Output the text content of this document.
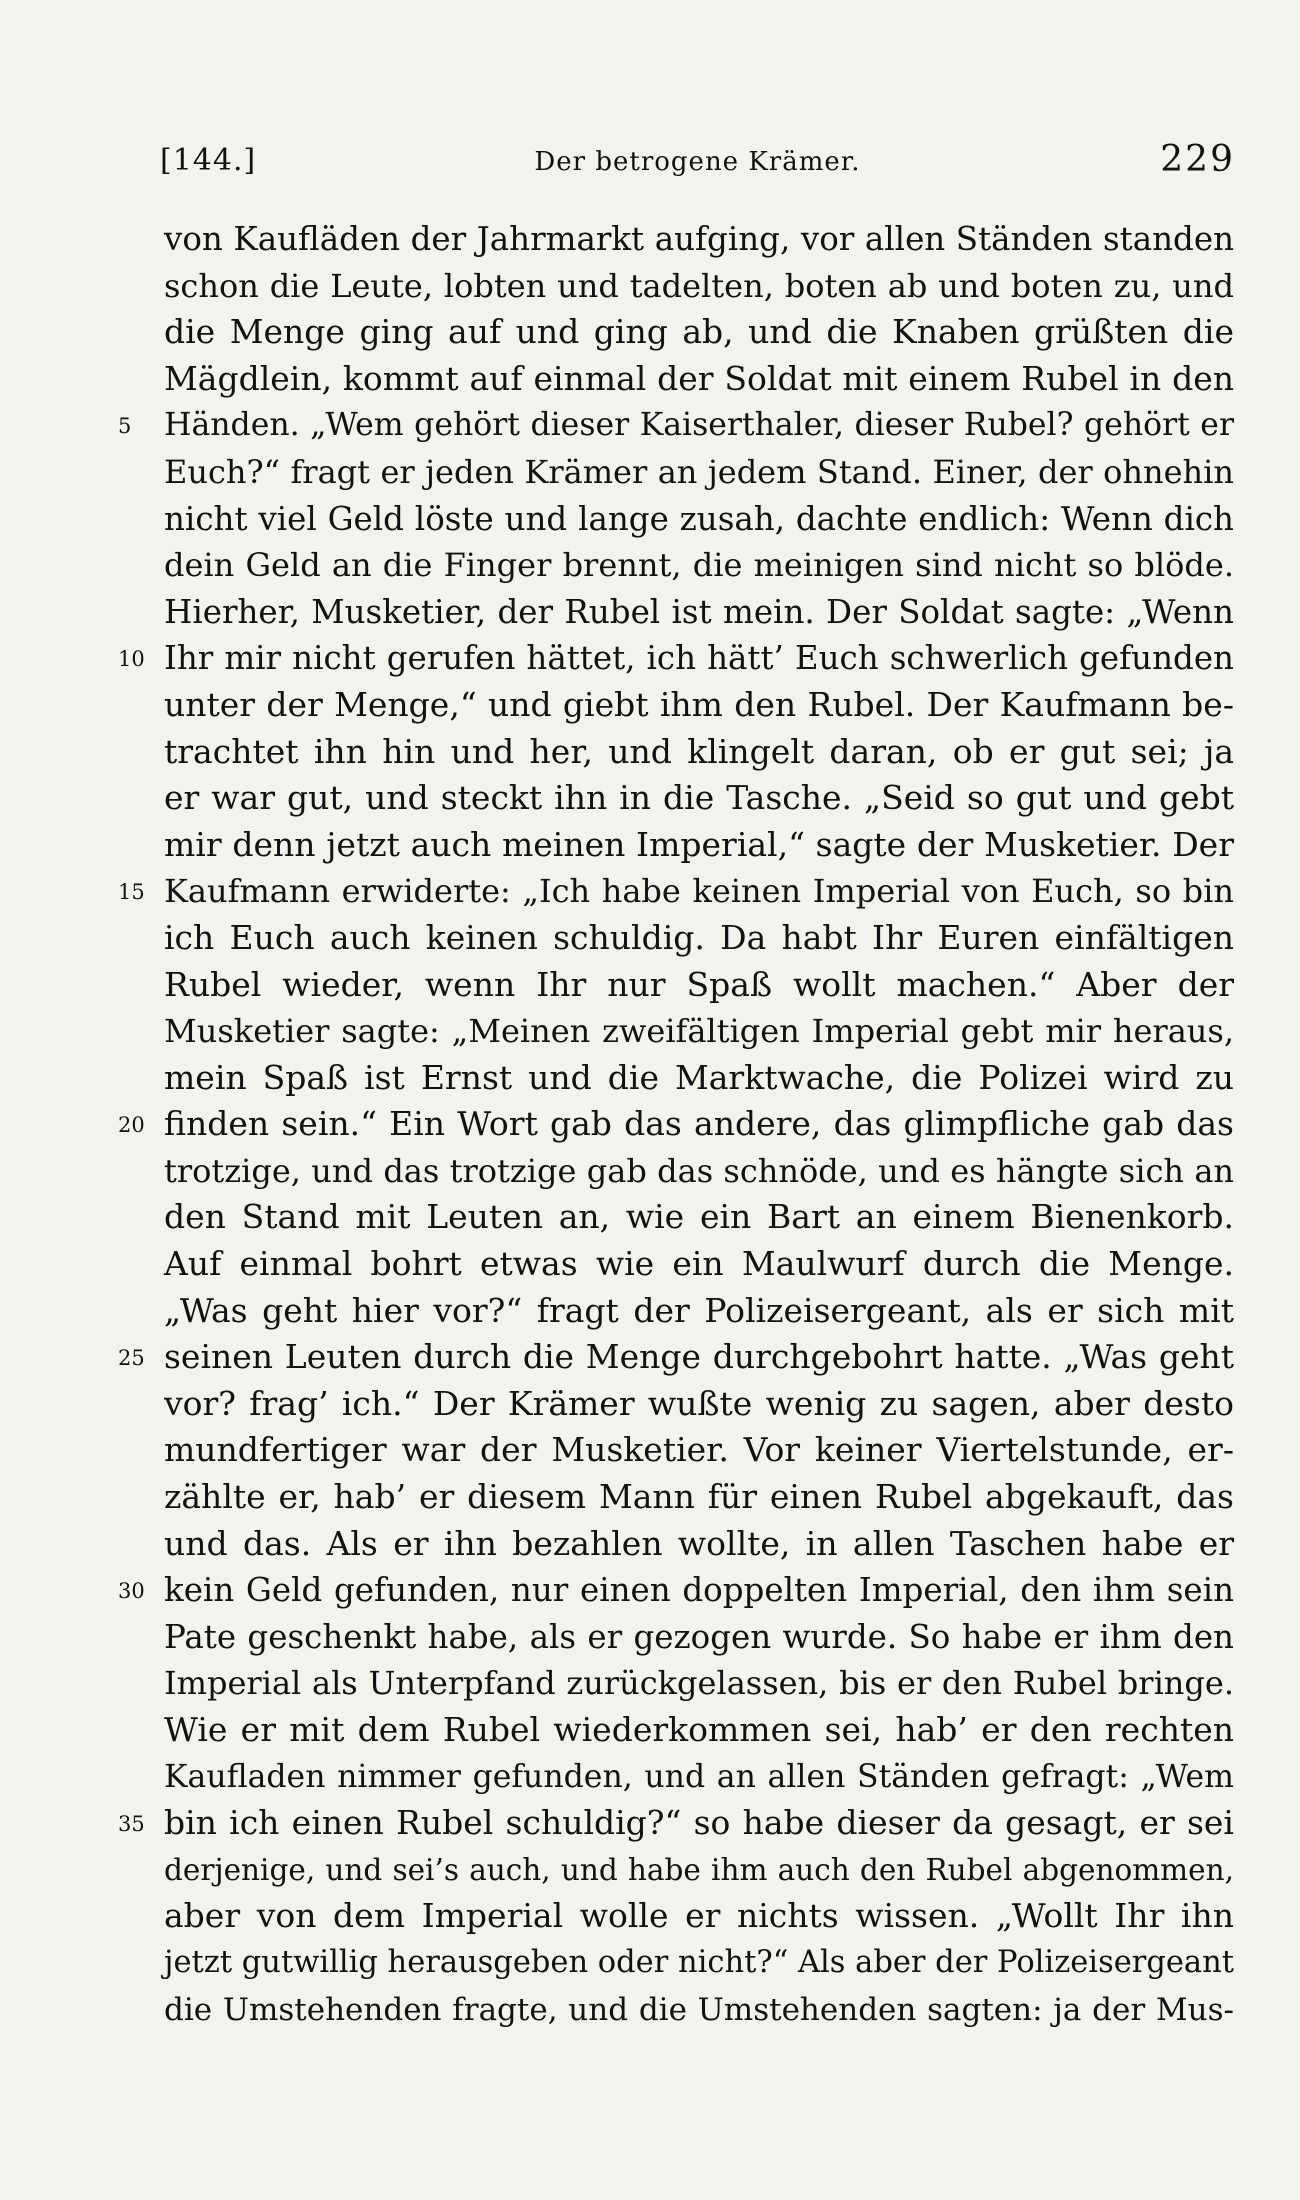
[144.]	Der betrogene Krämer.	229
von Kaufläden der Jahrmarkt aufging, vor allen Ständen standen
schon die Leute, lobten und tadelten, boten ab und boten zu, und
die Menge ging auf und ging ab, und die Knaben grüßten die
Mägdlein, kommt auf einmal der Soldat mit einem Rubel in den
5	Händen. „Wem gehört dieser Kaiserthaler, dieser Rubel? gehört er
Euch?“ fragt er jeden Krämer an jedem Stand. Einer, der ohnehin
nicht viel Geld löste und lange zusah, dachte endlich: Wenn dich
dein Geld an die Finger brennt, die meinigen sind nicht so blöde.
Hierher, Musketier, der Rubel ist mein. Der Soldat sagte: „Wenn
10 Ihr mir nicht gerufen hättet, ich hätt’ Euch schwerlich gefunden
unter der Menge,“ und giebt ihm den Rubel. Der Kaufmann be-
trachtet ihn hin und her, und klingelt daran, ob er gut sei; ja
er war gut, und steckt ihn in die Tasche. „Seid so gut und gebt
mir denn jetzt auch meinen Imperial,“ sagte der Musketier. Der
15 Kaufmann erwiderte: „Ich habe keinen Imperial von Euch, so bin
ich Euch auch keinen schuldig. Da habt Ihr Euren einfältigen
Rubel wieder, wenn Ihr nur Spaß wollt machen.“ Aber der
Musketier sagte: „Meinen zweifältigen Imperial gebt mir heraus,
mein Spaß ist Ernst und die Marktwache, die Polizei wird zu
20 finden sein.“ Ein Wort gab das andere, das glimpfliche gab das
trotzige, und das trotzige gab das schnöde, und es hängte sich an
den Stand mit Leuten an, wie ein Bart an einem Bienenkorb.
Auf einmal bohrt etwas wie ein Maulwurf durch die Menge.
„Was geht hier vor?“ fragt der Polizeisergeant, als er sich mit
25 seinen Leuten durch die Menge durchgebohrt hatte. „Was geht
vor? frag’ ich.“ Der Krämer wußte wenig zu sagen, aber desto
mundfertiger war der Musketier. Vor keiner Viertelstunde, er-
zählte er, hab’ er diesem Mann für einen Rubel abgekauft, das
und das. Als er ihn bezahlen wollte, in allen Taschen habe er
30 kein Geld gefunden, nur einen doppelten Imperial, den ihm sein
Pate geschenkt habe, als er gezogen wurde. So habe er ihm den
Imperial als Unterpfand zurückgelassen, bis er den Rubel bringe.
Wie er mit dem Rubel wiederkommen sei, hab’ er den rechten
Kaufladen nimmer gefunden, und an allen Ständen gefragt: „Wem
35 bin ich einen Rubel schuldig?“ so habe dieser da gesagt, er sei
derjenige, und sei’s auch, und habe ihm auch den Rubel abgenommen,
aber von dem Imperial wolle er nichts wissen. „Wollt Ihr ihn
jetzt gutwillig herausgeben oder nicht?“ Als aber der Polizeisergeant
die Umstehenden fragte, und die Umstehenden sagten: ja der Mus-
